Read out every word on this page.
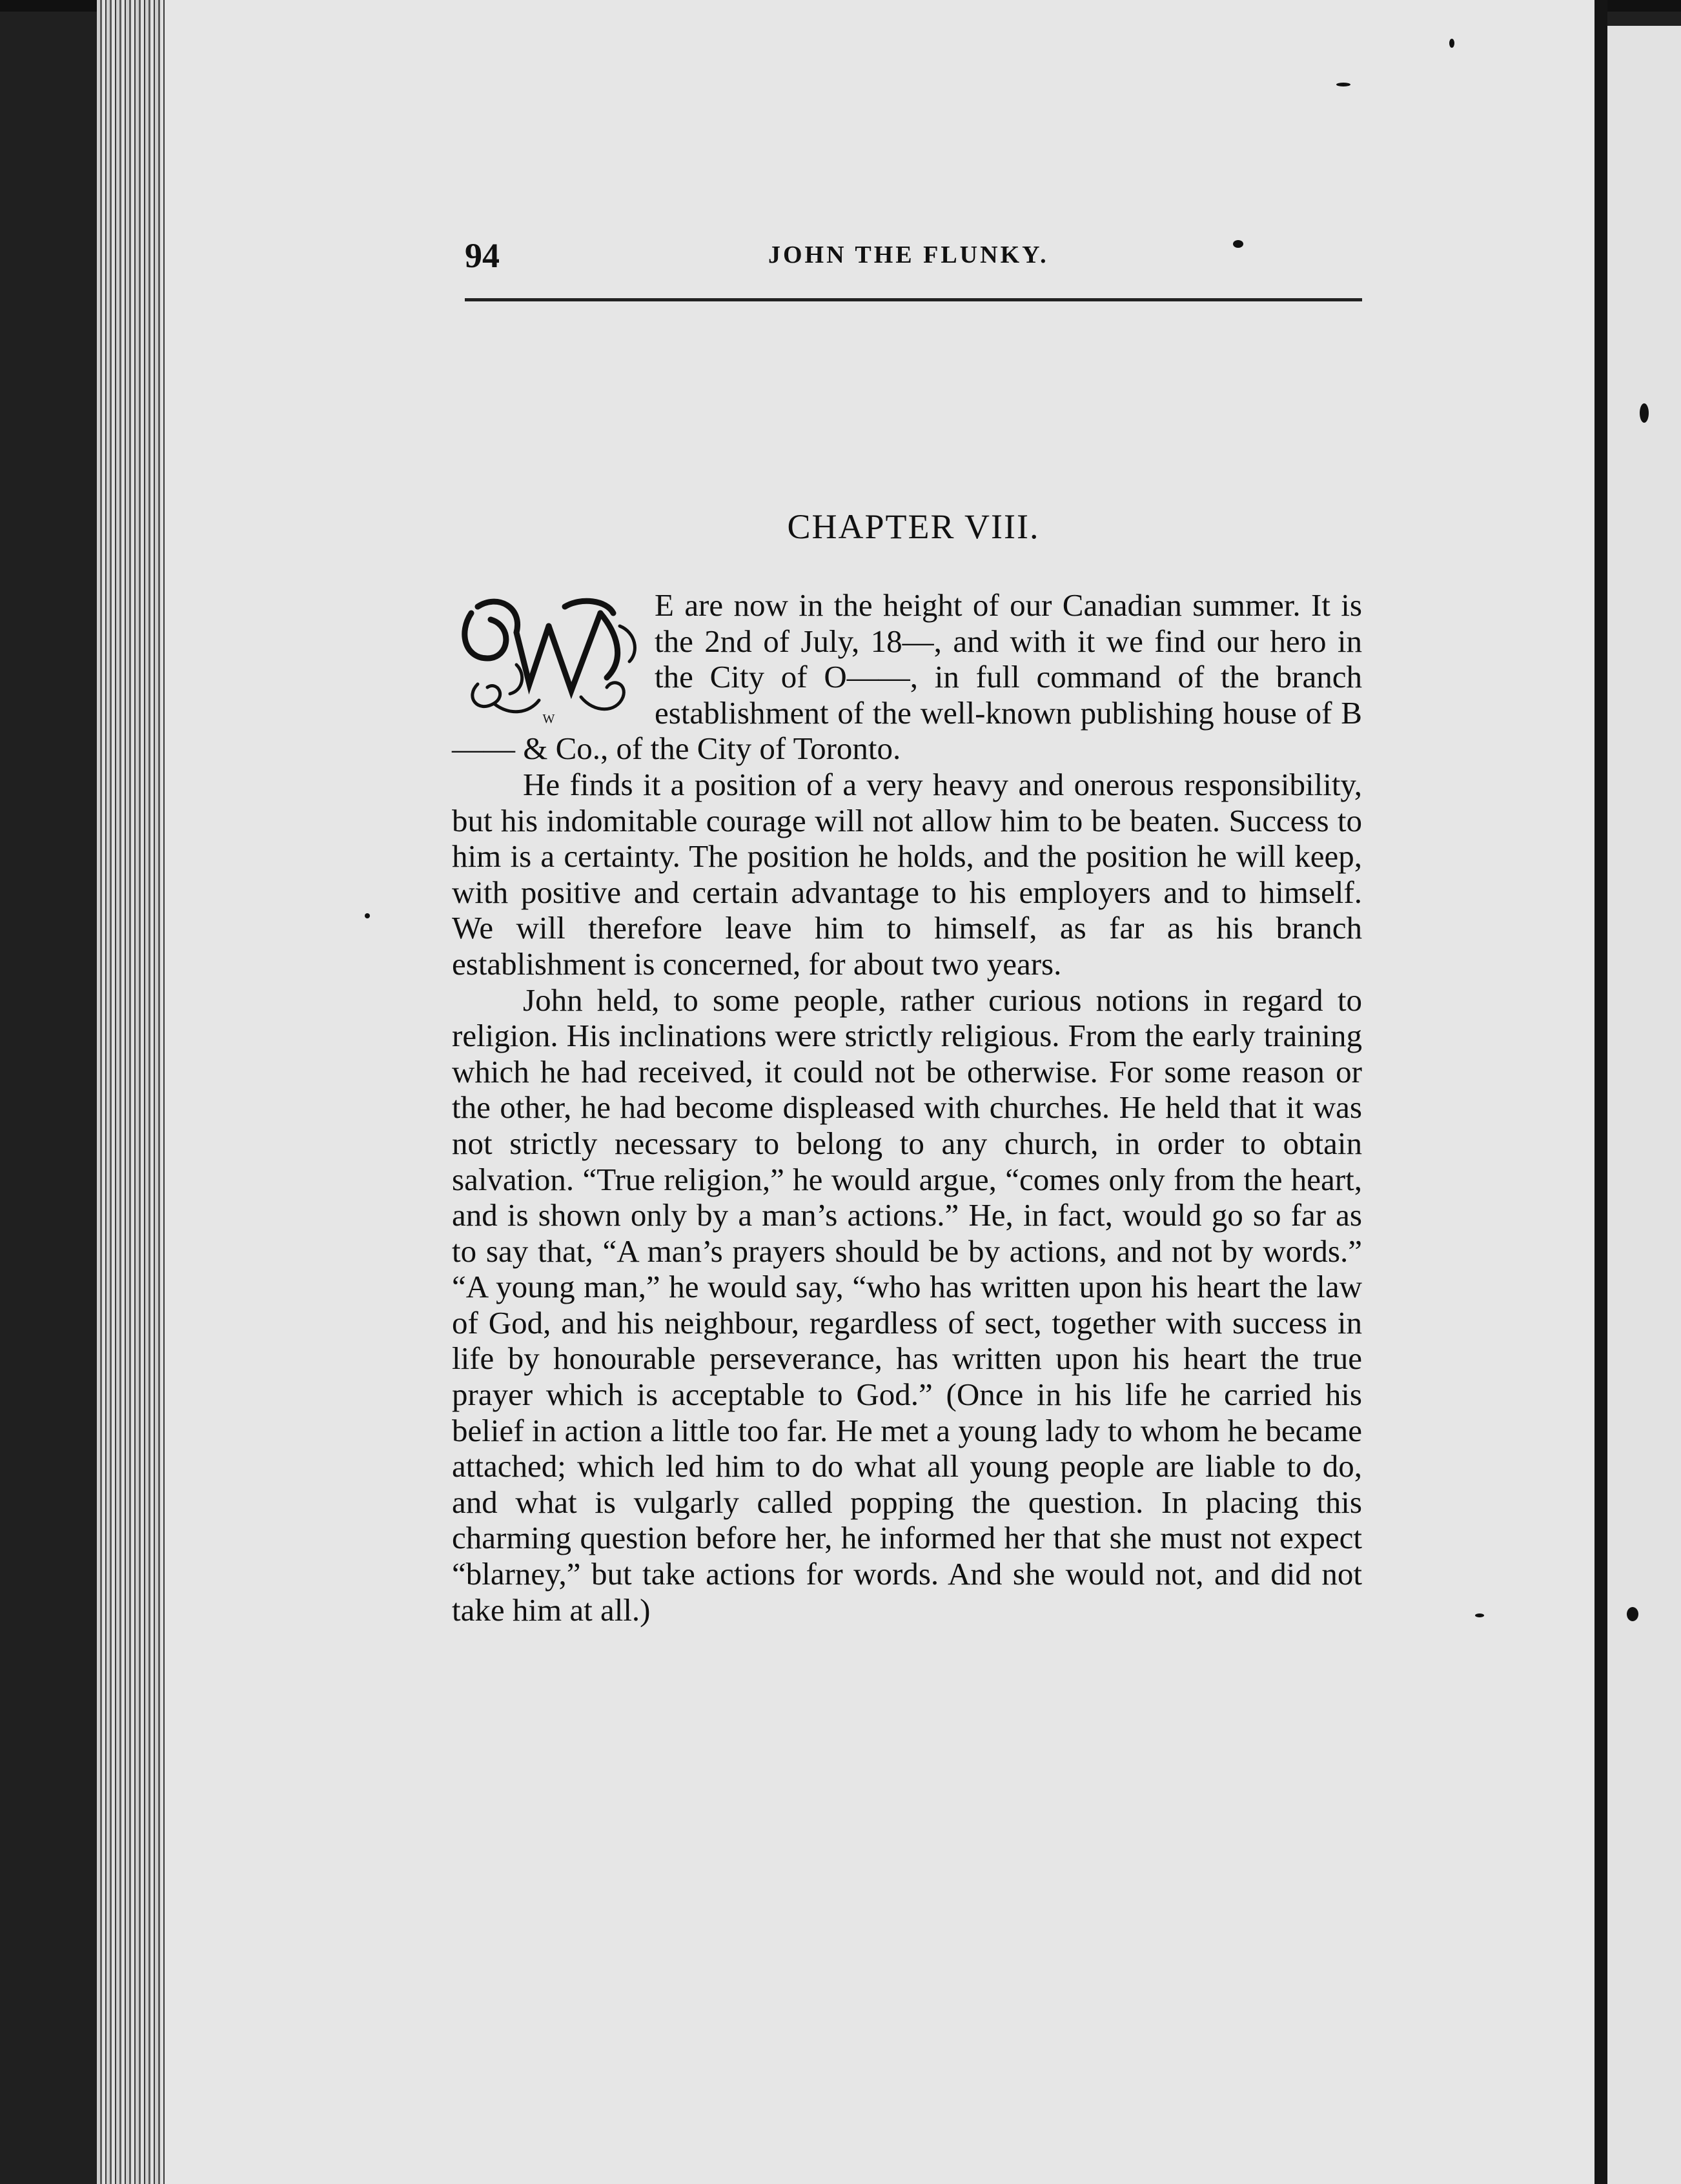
94	JOHN THE FLUNKY.
CHAPTER VIII.
W

E are now in the height of our Canadian summer. It is the 2nd of July, 18—, and with it we find our hero in the City of O——, in full command of the branch establishment of the well-known publishing house of B—— & Co., of the City of Toronto.

He finds it a position of a very heavy and onerous responsibility, but his indomitable courage will not allow him to be beaten. Success to him is a certainty. The position he holds, and the position he will keep, with positive and certain advantage to his employers and to himself. We will therefore leave him to himself, as far as his branch establishment is concerned, for about two years.

John held, to some people, rather curious notions in regard to religion. His inclinations were strictly religious. From the early training which he had received, it could not be otherwise. For some reason or the other, he had become displeased with churches. He held that it was not strictly necessary to belong to any church, in order to obtain salvation. “True religion,” he would argue, “comes only from the heart, and is shown only by a man’s actions.” He, in fact, would go so far as to say that, “A man’s prayers should be by actions, and not by words.” “A young man,” he would say, “who has written upon his heart the law of God, and his neighbour, regardless of sect, together with success in life by honourable perseverance, has written upon his heart the true prayer which is acceptable to God.” (Once in his life he carried his belief in action a little too far. He met a young lady to whom he became attached; which led him to do what all young people are liable to do, and what is vulgarly called popping the question. In placing this charming question before her, he informed her that she must not expect “blarney,” but take actions for words. And she would not, and did not take him at all.)
